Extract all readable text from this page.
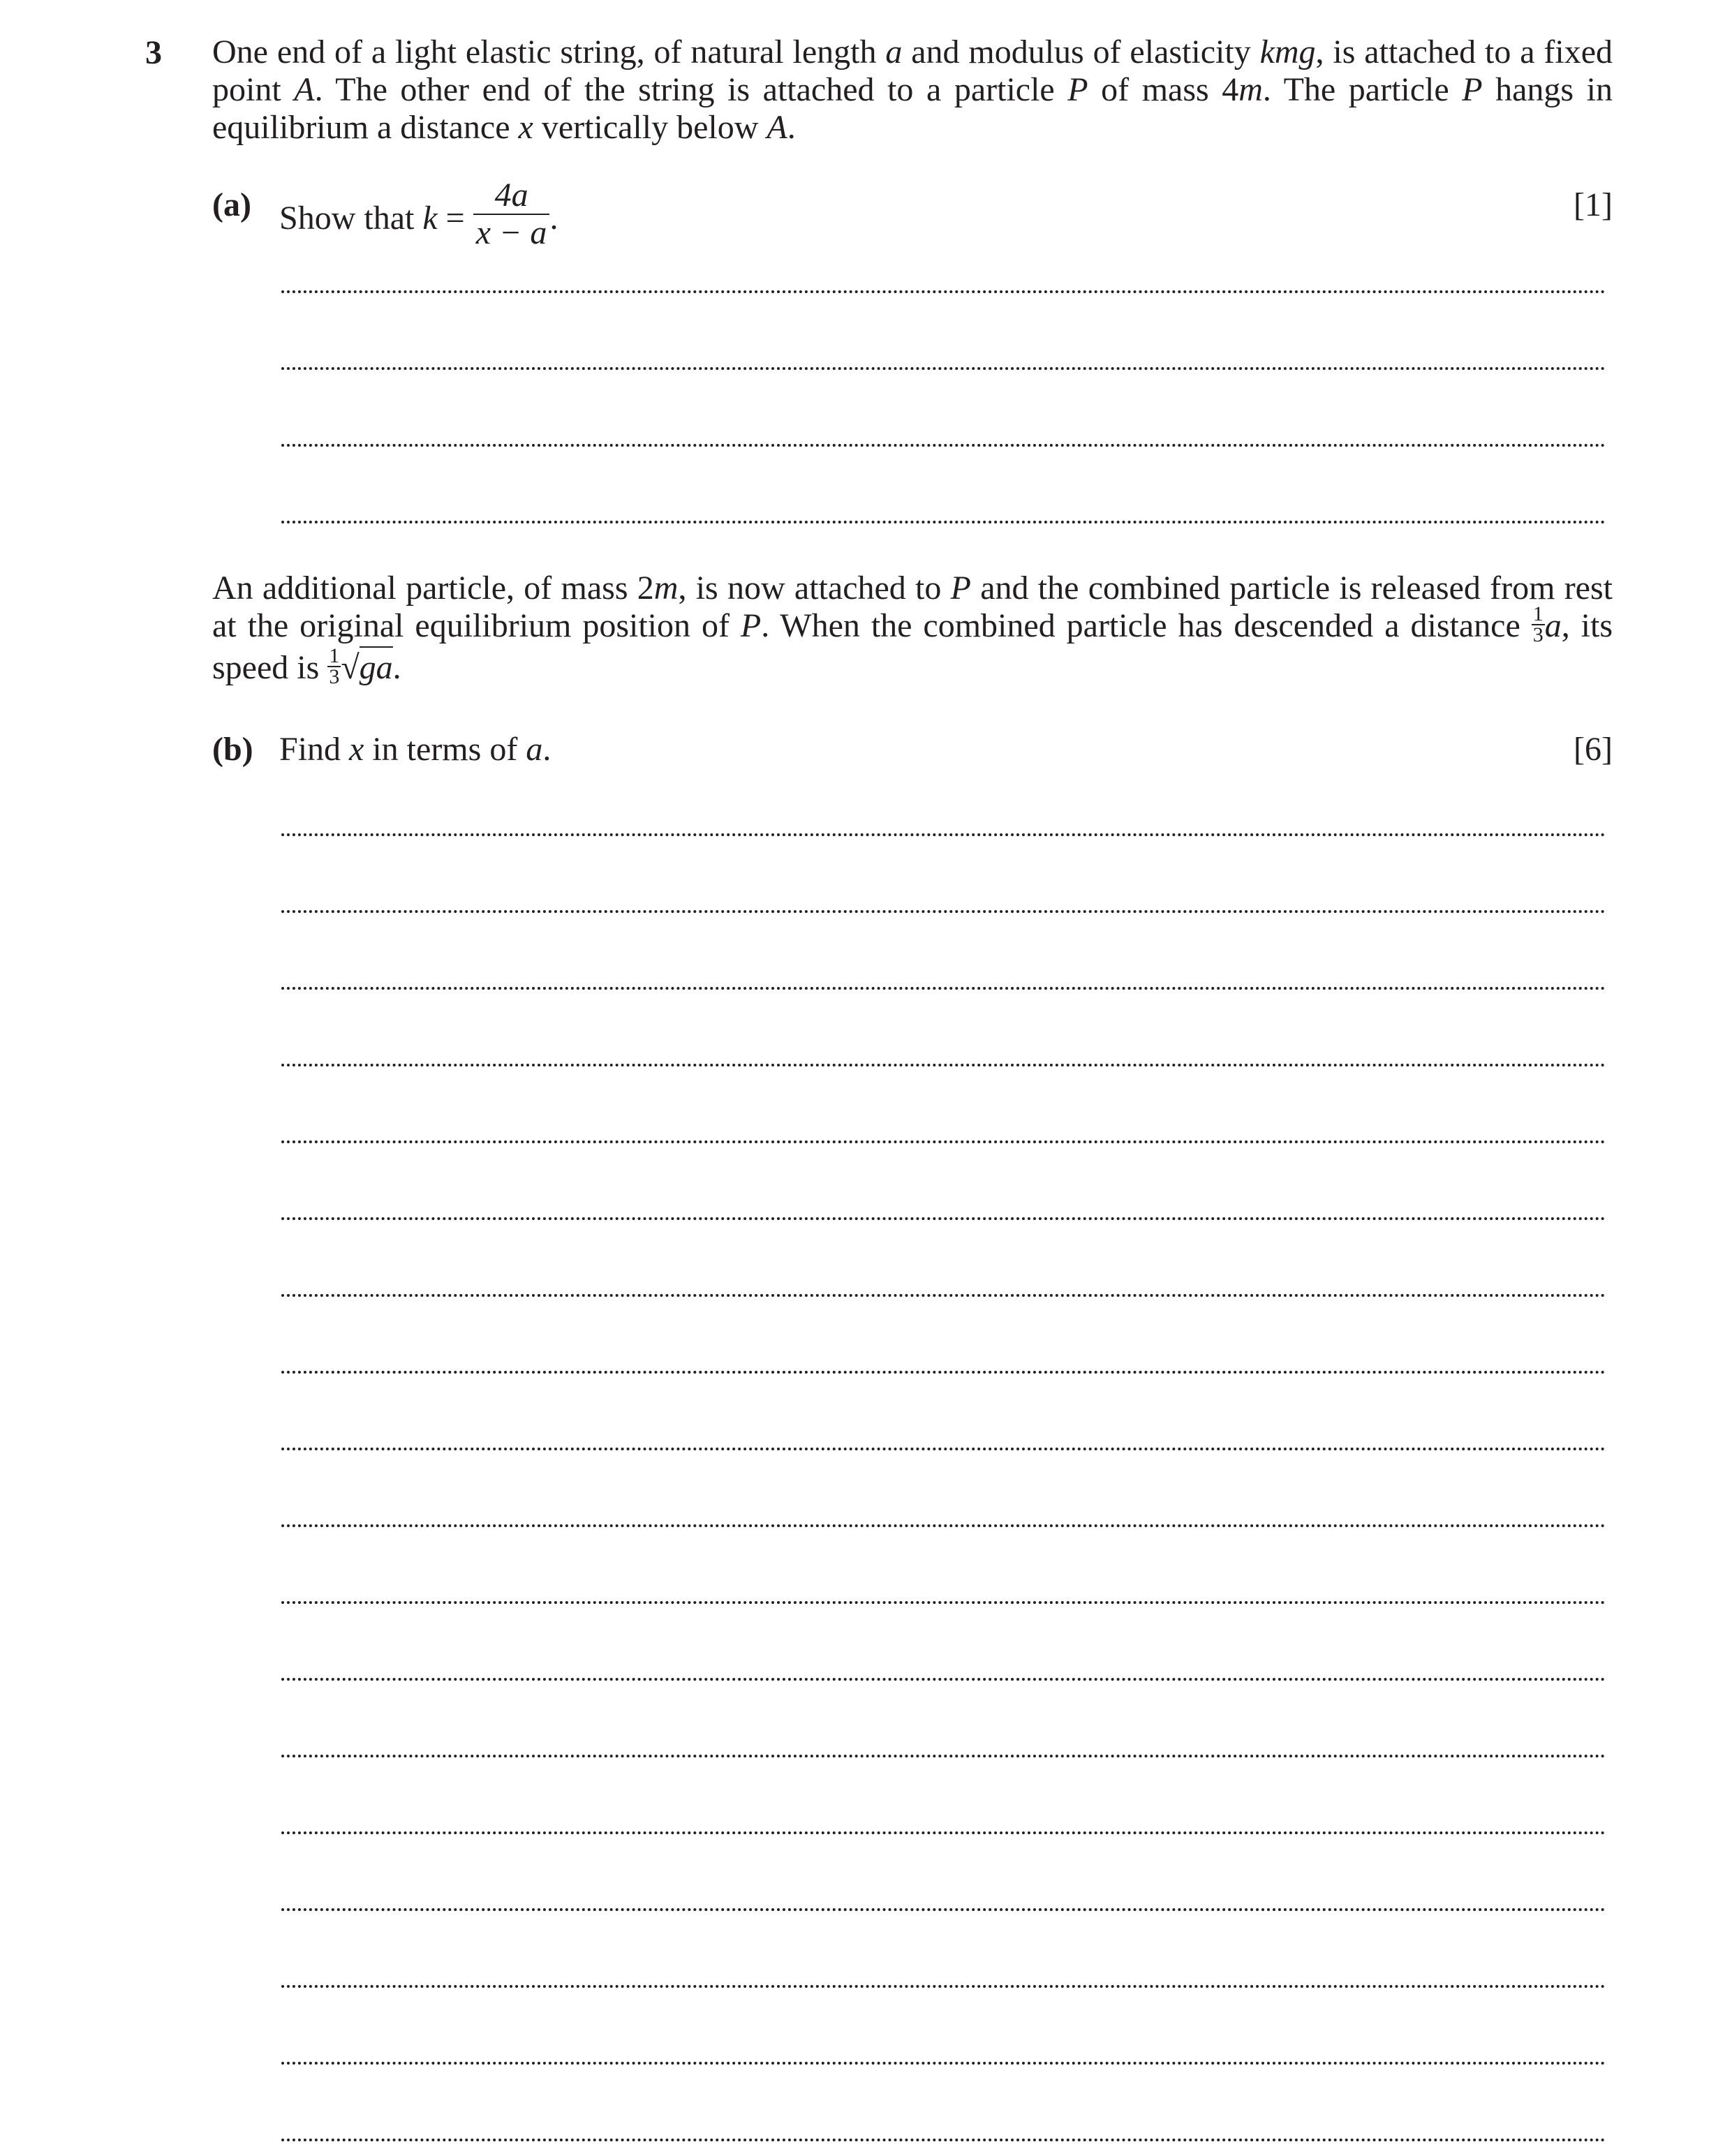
3 One end of a light elastic string, of natural length a and modulus of elasticity kmg, is attached to a fixed point A. The other end of the string is attached to a particle P of mass 4m. The particle P hangs in equilibrium a distance x vertically below A.
(a) Show that $k = \frac{4a}{x - a}$ .	[1]
An additional particle, of mass 2m, is now attached to P and the combined particle is released from rest at the original equilibrium position of P. When the combined particle has descended a distance $\frac{1}{3} a$, its speed is $\frac{1}{3} √ga$.
(b) Find x in terms of a.	[6]
